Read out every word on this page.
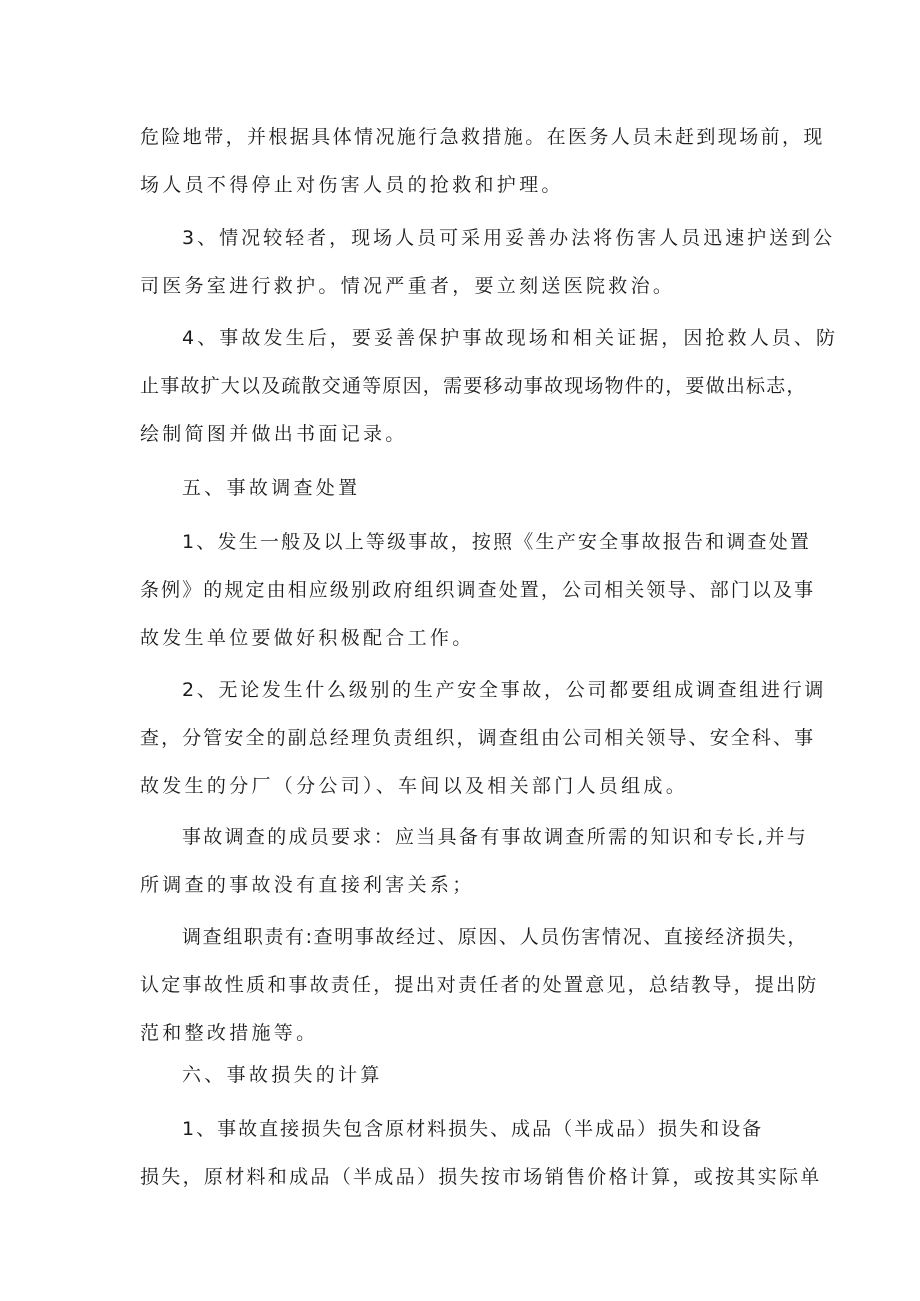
危险地带，并根据具体情况施行急救措施。在医务人员未赶到现场前，现
场人员不得停止对伤害人员的抢救和护理。
3、情况较轻者，现场人员可采用妥善办法将伤害人员迅速护送到公
司医务室进行救护。情况严重者，要立刻送医院救治。
4、事故发生后，要妥善保护事故现场和相关证据，因抢救人员、防
止事故扩大以及疏散交通等原因，需要移动事故现场物件的，要做出标志，
绘制简图并做出书面记录。
五、事故调查处置
1、发生一般及以上等级事故，按照《生产安全事故报告和调查处置
条例》的规定由相应级别政府组织调查处置，公司相关领导、部门以及事
故发生单位要做好积极配合工作。
2、无论发生什么级别的生产安全事故，公司都要组成调查组进行调
查，分管安全的副总经理负责组织，调查组由公司相关领导、安全科、事
故发生的分厂（分公司）、车间以及相关部门人员组成。
事故调查的成员要求：应当具备有事故调查所需的知识和专长,并与
所调查的事故没有直接利害关系；
调查组职责有:查明事故经过、原因、人员伤害情况、直接经济损失，
认定事故性质和事故责任，提出对责任者的处置意见，总结教导，提出防
范和整改措施等。
六、事故损失的计算
1、事故直接损失包含原材料损失、成品（半成品）损失和设备
损失，原材料和成品（半成品）损失按市场销售价格计算，或按其实际单
